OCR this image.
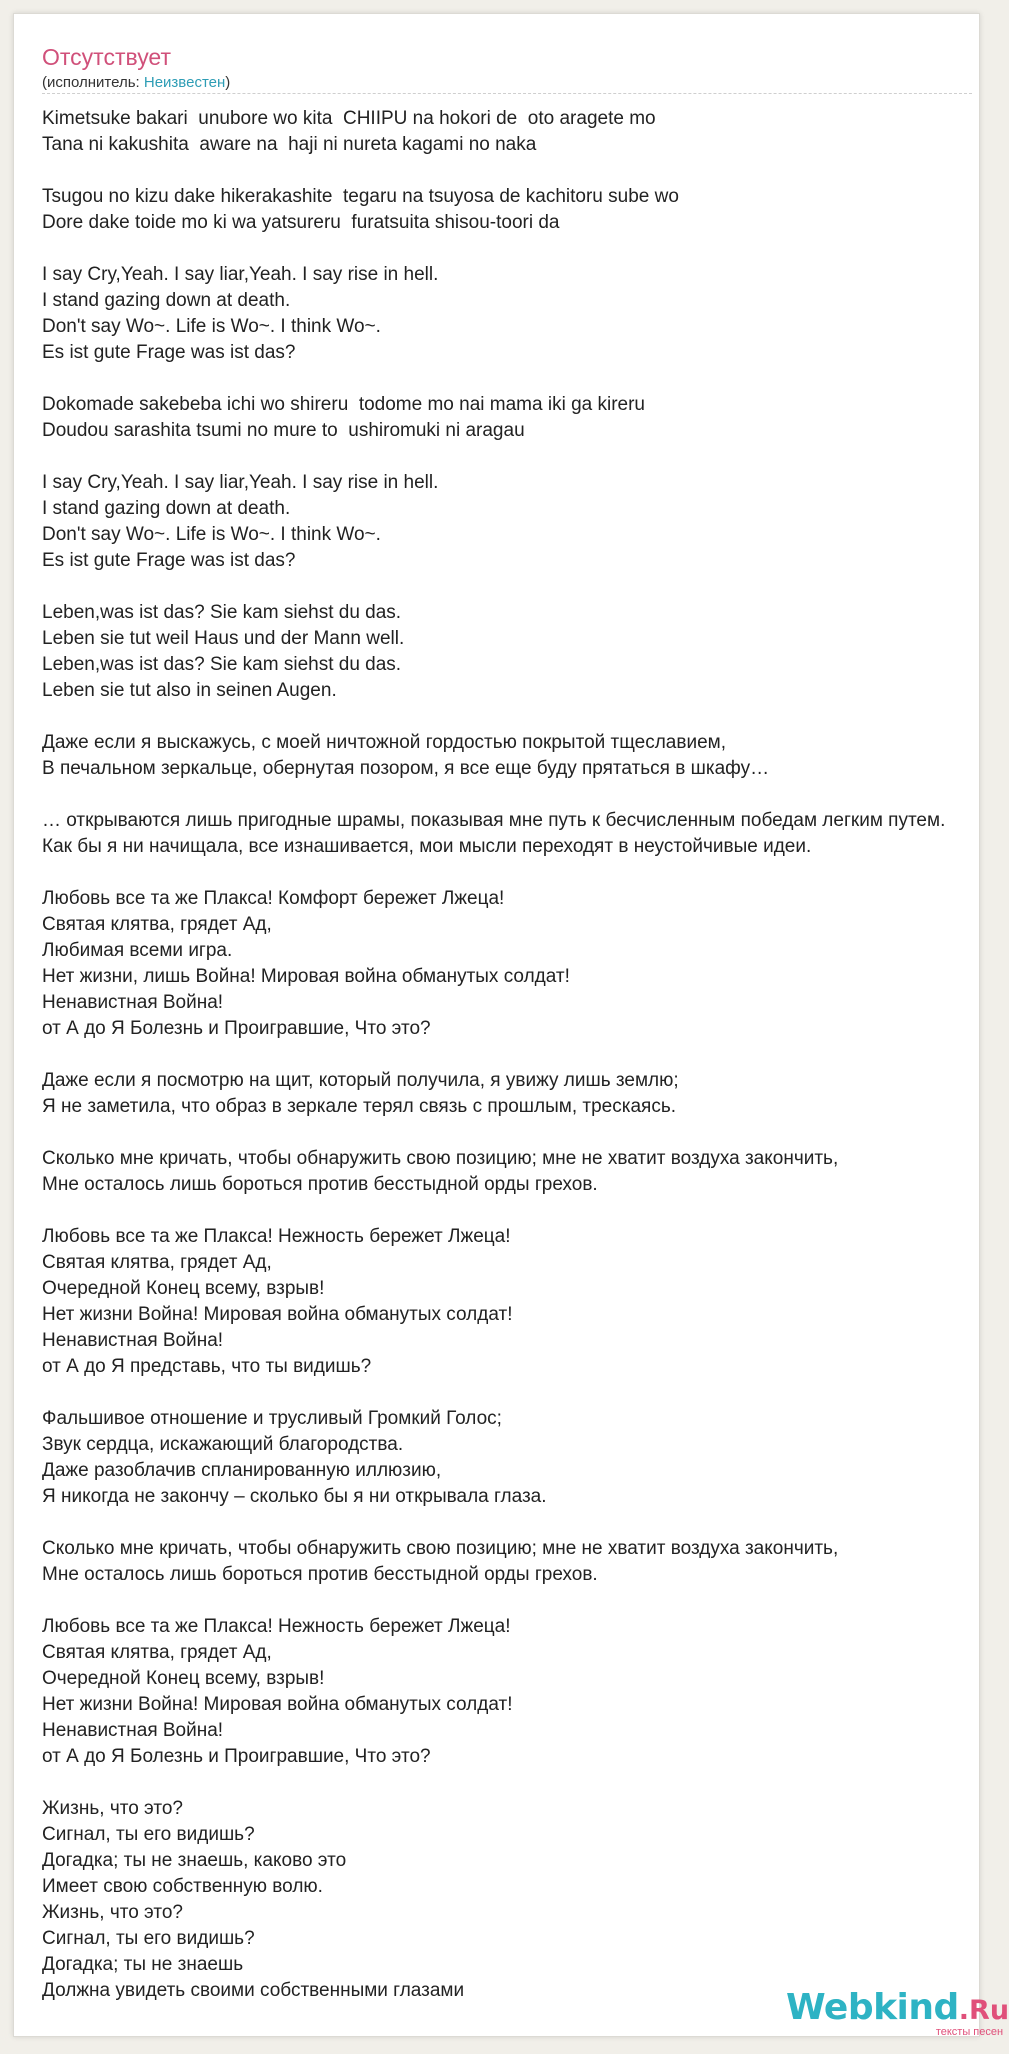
Отсутствует
(исполнитель: Неизвестен)
Kimetsuke bakari  unubore wo kita  CHIIPU na hokori de  oto aragete mo
Tana ni kakushita  aware na  haji ni nureta kagami no naka

Tsugou no kizu dake hikerakashite  tegaru na tsuyosa de kachitoru sube wo
Dore dake toide mo ki wa yatsureru  furatsuita shisou-toori da

I say Cry,Yeah. I say liar,Yeah. I say rise in hell.
I stand gazing down at death.
Don't say Wo~. Life is Wo~. I think Wo~.
Es ist gute Frage was ist das?

Dokomade sakebeba ichi wo shireru  todome mo nai mama iki ga kireru
Doudou sarashita tsumi no mure to  ushiromuki ni aragau

I say Cry,Yeah. I say liar,Yeah. I say rise in hell.
I stand gazing down at death.
Don't say Wo~. Life is Wo~. I think Wo~.
Es ist gute Frage was ist das?

Leben,was ist das? Sie kam siehst du das.
Leben sie tut weil Haus und der Mann well.
Leben,was ist das? Sie kam siehst du das.
Leben sie tut also in seinen Augen.

Даже если я выскажусь, с моей ничтожной гордостью покрытой тщеславием,
В печальном зеркальце, обернутая позором, я все еще буду прятаться в шкафу…

… открываются лишь пригодные шрамы, показывая мне путь к бесчисленным победам легким путем.
Как бы я ни начищала, все изнашивается, мои мысли переходят в неустойчивые идеи.

Любовь все та же Плакса! Комфорт бережет Лжеца!
Святая клятва, грядет Ад,
Любимая всеми игра.
Нет жизни, лишь Война! Мировая война обманутых солдат!
Ненавистная Война!
от А до Я Болезнь и Проигравшие, Что это?

Даже если я посмотрю на щит, который получила, я увижу лишь землю;
Я не заметила, что образ в зеркале терял связь с прошлым, трескаясь.

Сколько мне кричать, чтобы обнаружить свою позицию; мне не хватит воздуха закончить,
Мне осталось лишь бороться против бесстыдной орды грехов.

Любовь все та же Плакса! Нежность бережет Лжеца!
Святая клятва, грядет Ад,
Очередной Конец всему, взрыв!
Нет жизни Война! Мировая война обманутых солдат!
Ненавистная Война!
от А до Я представь, что ты видишь?

Фальшивое отношение и трусливый Громкий Голос;
Звук сердца, искажающий благородства.
Даже разоблачив спланированную иллюзию,
Я никогда не закончу – сколько бы я ни открывала глаза.

Сколько мне кричать, чтобы обнаружить свою позицию; мне не хватит воздуха закончить,
Мне осталось лишь бороться против бесстыдной орды грехов.

Любовь все та же Плакса! Нежность бережет Лжеца!
Святая клятва, грядет Ад,
Очередной Конец всему, взрыв!
Нет жизни Война! Мировая война обманутых солдат!
Ненавистная Война!
от А до Я Болезнь и Проигравшие, Что это?

Жизнь, что это?
Сигнал, ты его видишь?
Догадка; ты не знаешь, каково это
Имеет свою собственную волю.
Жизнь, что это?
Сигнал, ты его видишь?
Догадка; ты не знаешь
Должна увидеть своими собственными глазами	Webkind.Ru
тексты песен
